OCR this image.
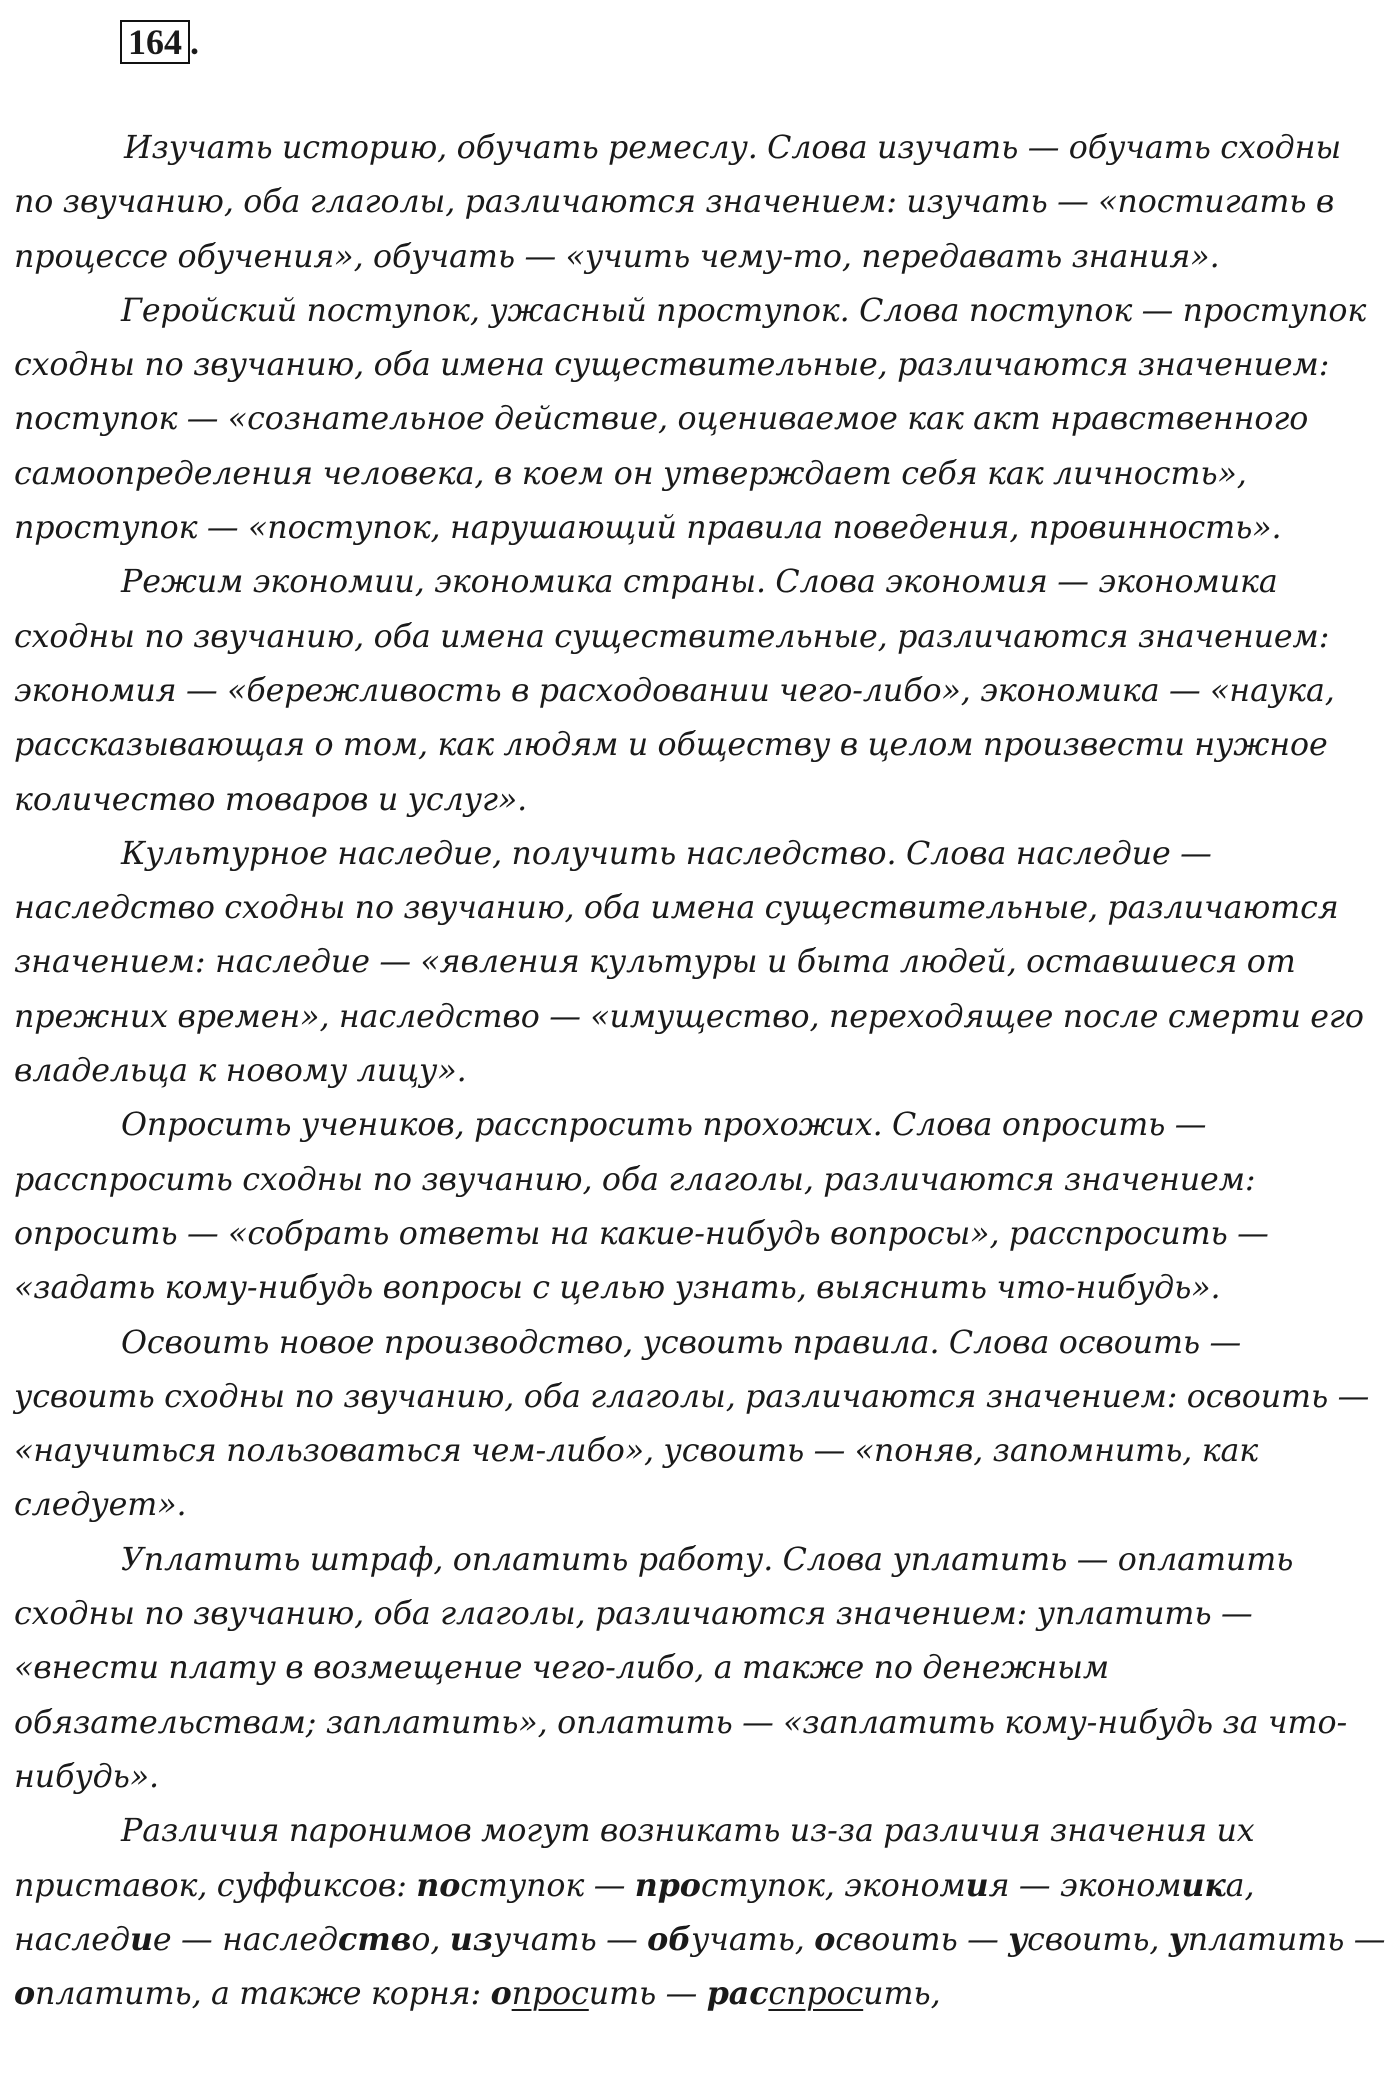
164 .

Изучать историю, обучать ремеслу. Слова изучать — обучать сходны по звучанию, оба глаголы, различаются значением: изучать — «постигать в процессе обучения», обучать — «учить чему-то, передавать знания».

Геройский поступок, ужасный проступок. Слова поступок — проступок сходны по звучанию, оба имена существительные, различаются значением: поступок — «сознательное действие, оцениваемое как акт нравственного самоопределения человека, в коем он утверждает себя как личность», проступок — «поступок, нарушающий правила поведения, провинность».

Режим экономии, экономика страны. Слова экономия — экономика сходны по звучанию, оба имена существительные, различаются значением: экономия — «бережливость в расходовании чего-либо», экономика — «наука, рассказывающая о том, как людям и обществу в целом произвести нужное количество товаров и услуг».

Культурное наследие, получить наследство. Слова наследие — наследство сходны по звучанию, оба имена существительные, различаются значением: наследие — «явления культуры и быта людей, оставшиеся от прежних времен», наследство — «имущество, переходящее после смерти его владельца к новому лицу».

Опросить учеников, расспросить прохожих. Слова опросить — расспросить сходны по звучанию, оба глаголы, различаются значением: опросить — «собрать ответы на какие-нибудь вопросы», расспросить — «задать кому-нибудь вопросы с целью узнать, выяснить что-нибудь».

Освоить новое производство, усвоить правила. Слова освоить — усвоить сходны по звучанию, оба глаголы, различаются значением: освоить — «научиться пользоваться чем-либо», усвоить — «поняв, запомнить, как следует».

Уплатить штраф, оплатить работу. Слова уплатить — оплатить сходны по звучанию, оба глаголы, различаются значением: уплатить — «внести плату в возмещение чего-либо, а также по денежным обязательствам; заплатить», оплатить — «заплатить кому-нибудь за что-нибудь».

Различия паронимов могут возникать из-за различия значения их приставок, суффиксов: поступок — проступок, экономия — экономика, наследие — наследство, изучать — обучать, освоить — усвоить, уплатить — оплатить, а также корня: опросить — расспросить,
